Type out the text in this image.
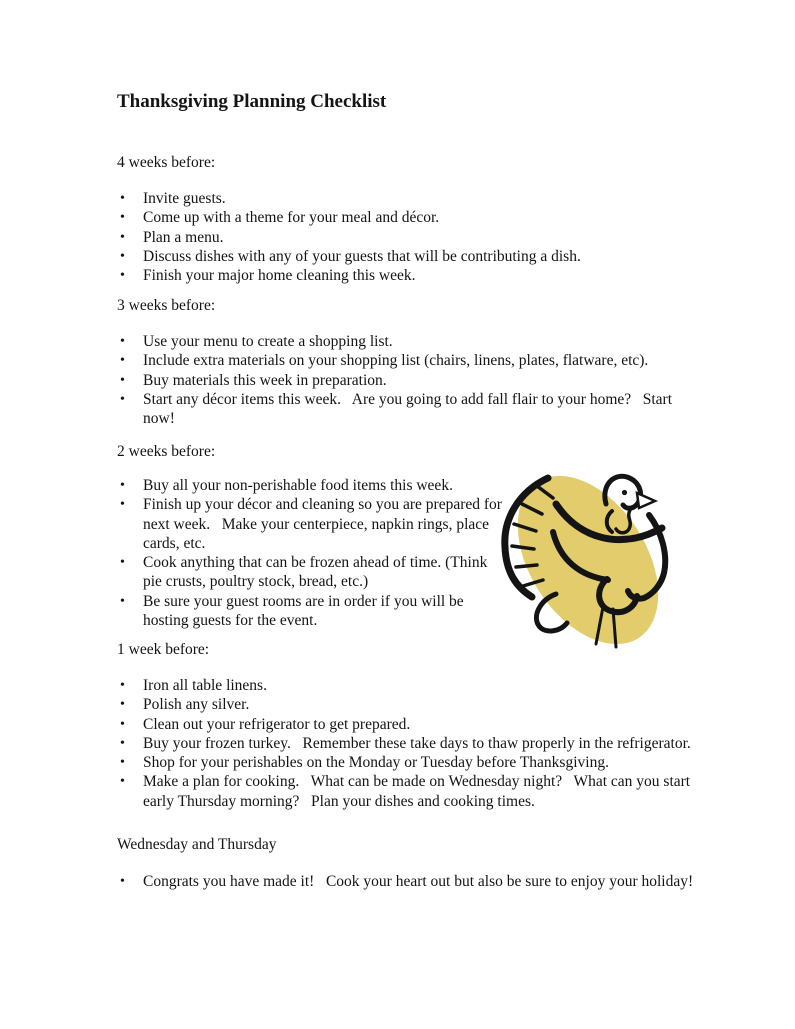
Thanksgiving Planning Checklist
4 weeks before:
• Invite guests.
• Come up with a theme for your meal and décor.
• Plan a menu.
• Discuss dishes with any of your guests that will be contributing a dish.
• Finish your major home cleaning this week.
3 weeks before:
• Use your menu to create a shopping list.
• Include extra materials on your shopping list (chairs, linens, plates, flatware, etc).
• Buy materials this week in preparation.
• Start any décor items this week.   Are you going to add fall flair to your home?   Start now!
2 weeks before:
• Buy all your non-perishable food items this week.
• Finish up your décor and cleaning so you are prepared for next week.   Make your centerpiece, napkin rings, place cards, etc.
• Cook anything that can be frozen ahead of time. (Think pie crusts, poultry stock, bread, etc.)
• Be sure your guest rooms are in order if you will be hosting guests for the event.
1 week before:
• Iron all table linens.
• Polish any silver.
• Clean out your refrigerator to get prepared.
• Buy your frozen turkey.   Remember these take days to thaw properly in the refrigerator.
• Shop for your perishables on the Monday or Tuesday before Thanksgiving.
• Make a plan for cooking.   What can be made on Wednesday night?   What can you start early Thursday morning?   Plan your dishes and cooking times.
Wednesday and Thursday
• Congrats you have made it!   Cook your heart out but also be sure to enjoy your holiday!
